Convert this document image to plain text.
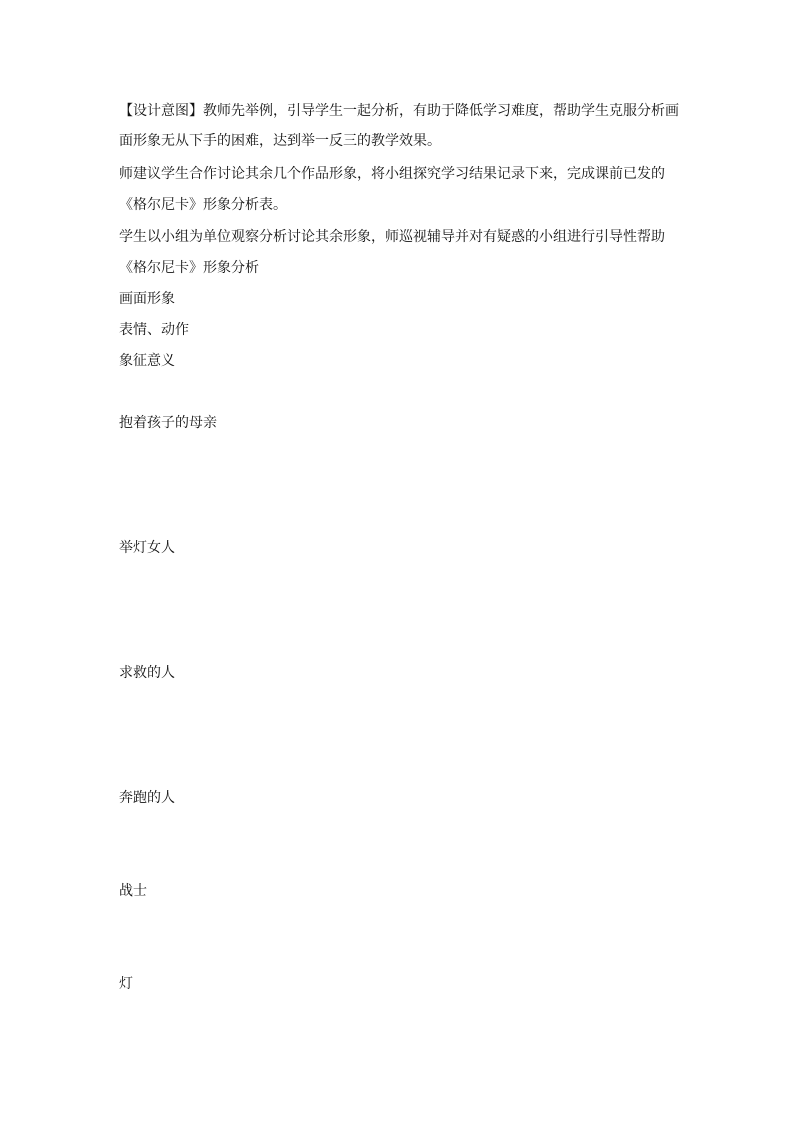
【设计意图】教师先举例，引导学生一起分析，有助于降低学习难度，帮助学生克服分析画
面形象无从下手的困难，达到举一反三的教学效果。
师建议学生合作讨论其余几个作品形象，将小组探究学习结果记录下来，完成课前已发的
《格尔尼卡》形象分析表。
学生以小组为单位观察分析讨论其余形象，师巡视辅导并对有疑惑的小组进行引导性帮助
《格尔尼卡》形象分析
画面形象
表情、动作
象征意义
抱着孩子的母亲
举灯女人
求救的人
奔跑的人
战士
灯
